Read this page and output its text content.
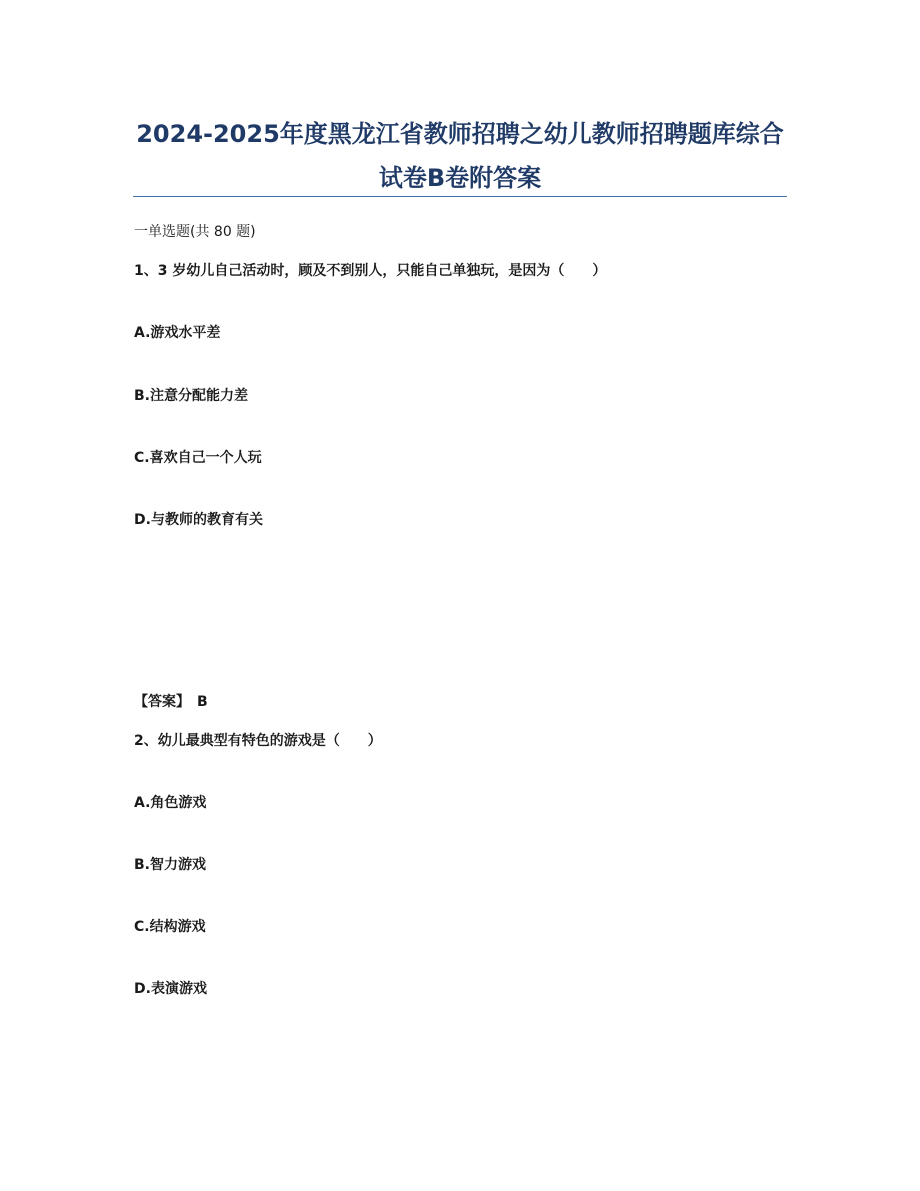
2024-2025年度黑龙江省教师招聘之幼儿教师招聘题库综合
试卷B卷附答案
一单选题(共 80 题)
1、3 岁幼儿自己活动时，顾及不到别人，只能自己单独玩，是因为（　　）
A.游戏水平差
B.注意分配能力差
C.喜欢自己一个人玩
D.与教师的教育有关
【答案】　B
2、幼儿最典型有特色的游戏是（　　）
A.角色游戏
B.智力游戏
C.结构游戏
D.表演游戏
